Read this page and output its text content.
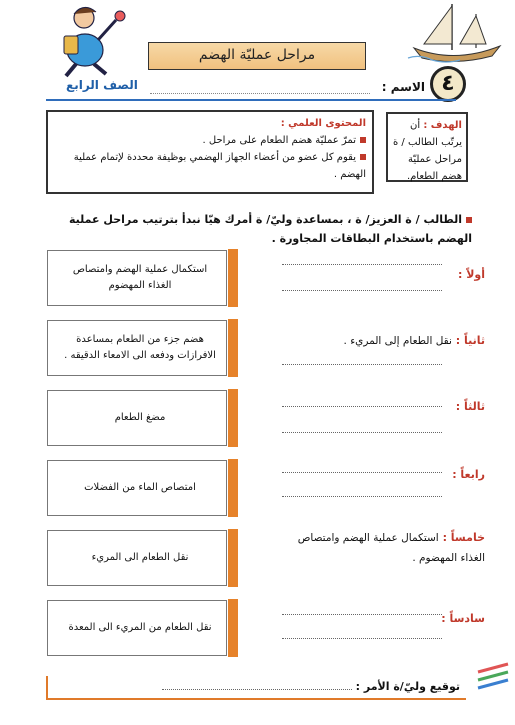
مراحل عمليّة الهضم
٤
الاسم :
الصف الرابع
الهدف : أن يرتّب الطالب / ة مراحل عمليّة هضم الطعام.
المحتوى العلمي :
تمرّ عمليّة هضم الطعام على مراحل .
يقوم كل عضو من أعضاء الجهاز الهضمي بوظيفة محددة لإتمام عملية الهضم .
الطالب / ة العزيز/ ة ، بمساعدة وليّ/ ة أمرك هيّا نبدأ بترتيب مراحل عملية الهضم باستخدام البطاقات المجاورة .
استكمال عملية الهضم وامتصاص الغذاء المهضوم
هضم جزء من الطعام بمساعدة الافرازات ودفعه الى الامعاء الدقيقه .
مضغ الطعام
امتصاص الماء من الفضلات
نقل الطعام الى المريء
نقل الطعام من المريء الى المعدة
أولاً :
ثانياً : نقل الطعام إلى المريء .
ثالثاً :
رابعاً :
خامساً : استكمال عملية الهضم وامتصاص الغذاء المهضوم .
سادساً :
توقيع وليّ/ة الأمر :
